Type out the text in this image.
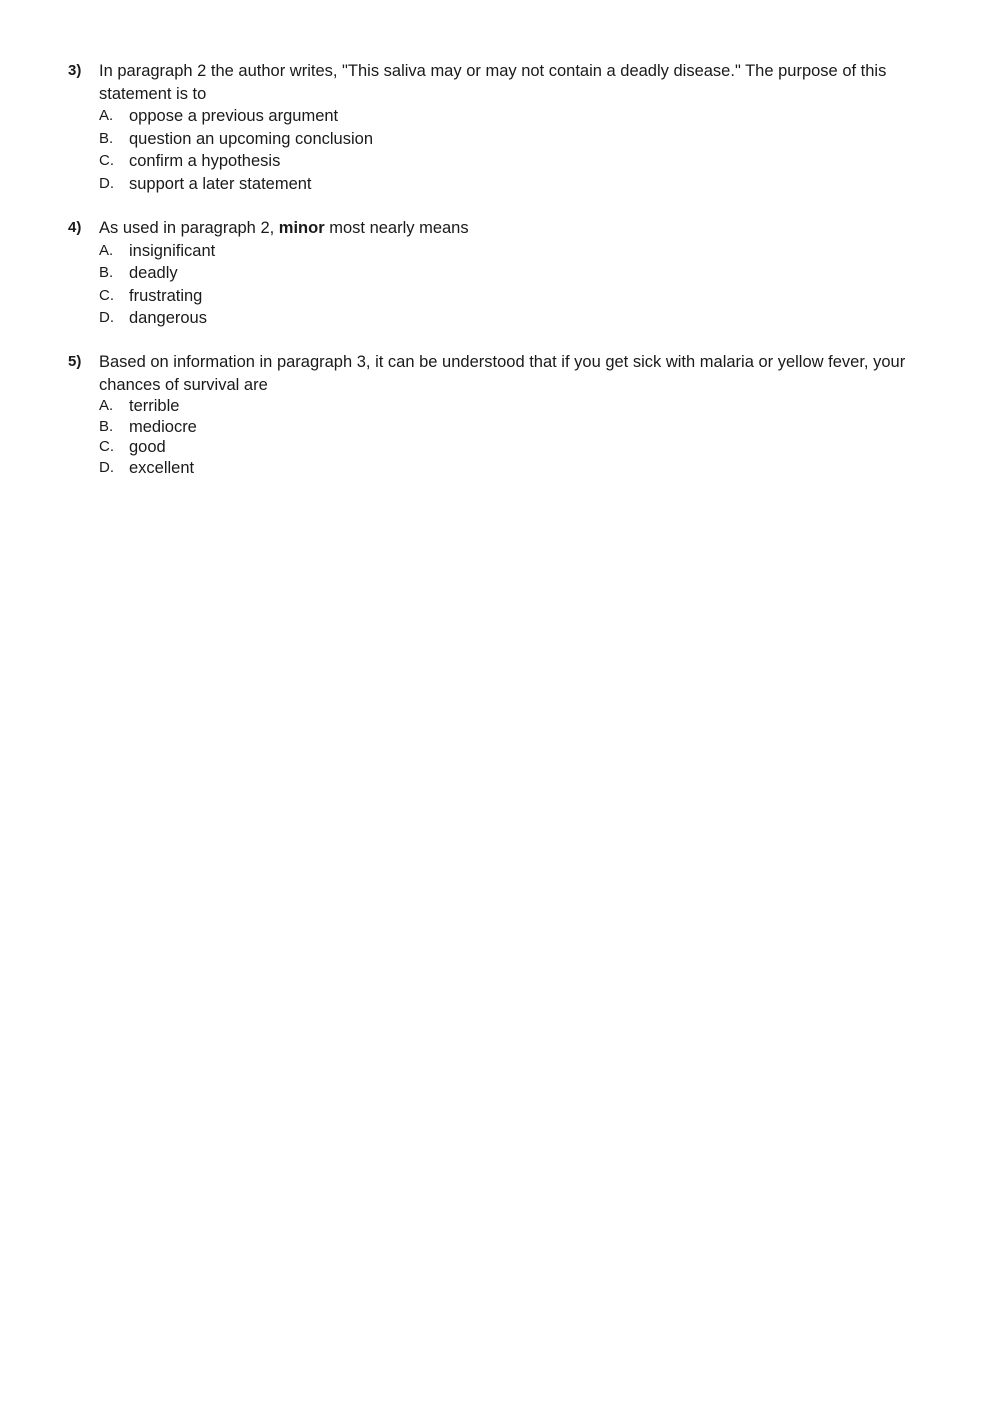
3) In paragraph 2 the author writes, "This saliva may or may not contain a deadly disease." The purpose of this statement is to
A. oppose a previous argument
B. question an upcoming conclusion
C. confirm a hypothesis
D. support a later statement
4) As used in paragraph 2, minor most nearly means
A. insignificant
B. deadly
C. frustrating
D. dangerous
5) Based on information in paragraph 3, it can be understood that if you get sick with malaria or yellow fever, your chances of survival are
A. terrible
B. mediocre
C. good
D. excellent
